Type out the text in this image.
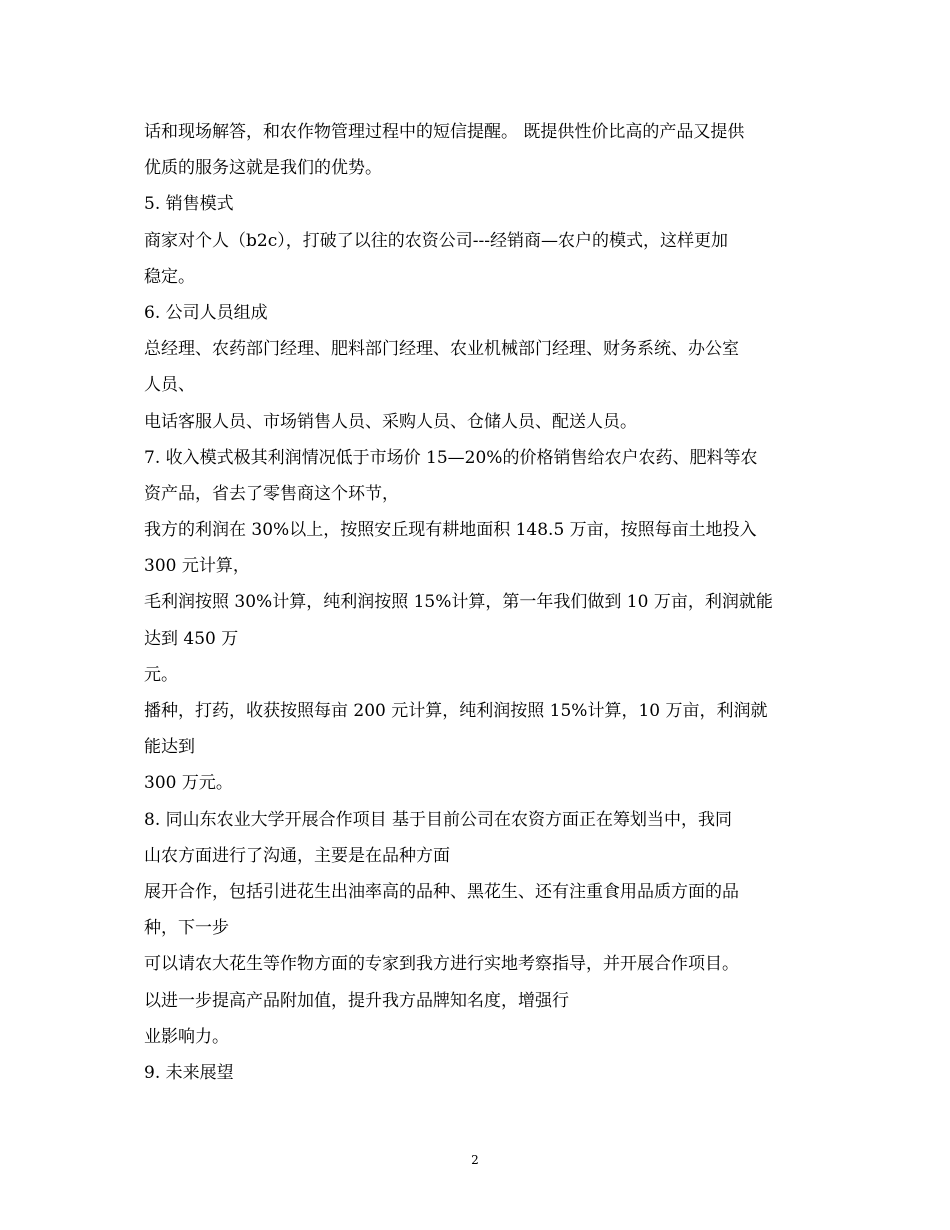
话和现场解答，和农作物管理过程中的短信提醒。 既提供性价比高的产品又提供
优质的服务这就是我们的优势。
5. 销售模式
商家对个人（b2c），打破了以往的农资公司---经销商—农户的模式，这样更加
稳定。
6. 公司人员组成
总经理、农药部门经理、肥料部门经理、农业机械部门经理、财务系统、办公室
人员、
电话客服人员、市场销售人员、采购人员、仓储人员、配送人员。
7. 收入模式极其利润情况低于市场价 15—20%的价格销售给农户农药、肥料等农
资产品，省去了零售商这个环节，
我方的利润在 30%以上，按照安丘现有耕地面积 148.5 万亩，按照每亩土地投入
300 元计算，
毛利润按照 30%计算，纯利润按照 15%计算，第一年我们做到 10 万亩，利润就能
达到 450 万
元。
播种，打药，收获按照每亩 200 元计算，纯利润按照 15%计算，10 万亩，利润就
能达到
300 万元。
8. 同山东农业大学开展合作项目 基于目前公司在农资方面正在筹划当中，我同
山农方面进行了沟通，主要是在品种方面
展开合作，包括引进花生出油率高的品种、黑花生、还有注重食用品质方面的品
种，下一步
可以请农大花生等作物方面的专家到我方进行实地考察指导，并开展合作项目。
以进一步提高产品附加值，提升我方品牌知名度，增强行
业影响力。
9. 未来展望
2
